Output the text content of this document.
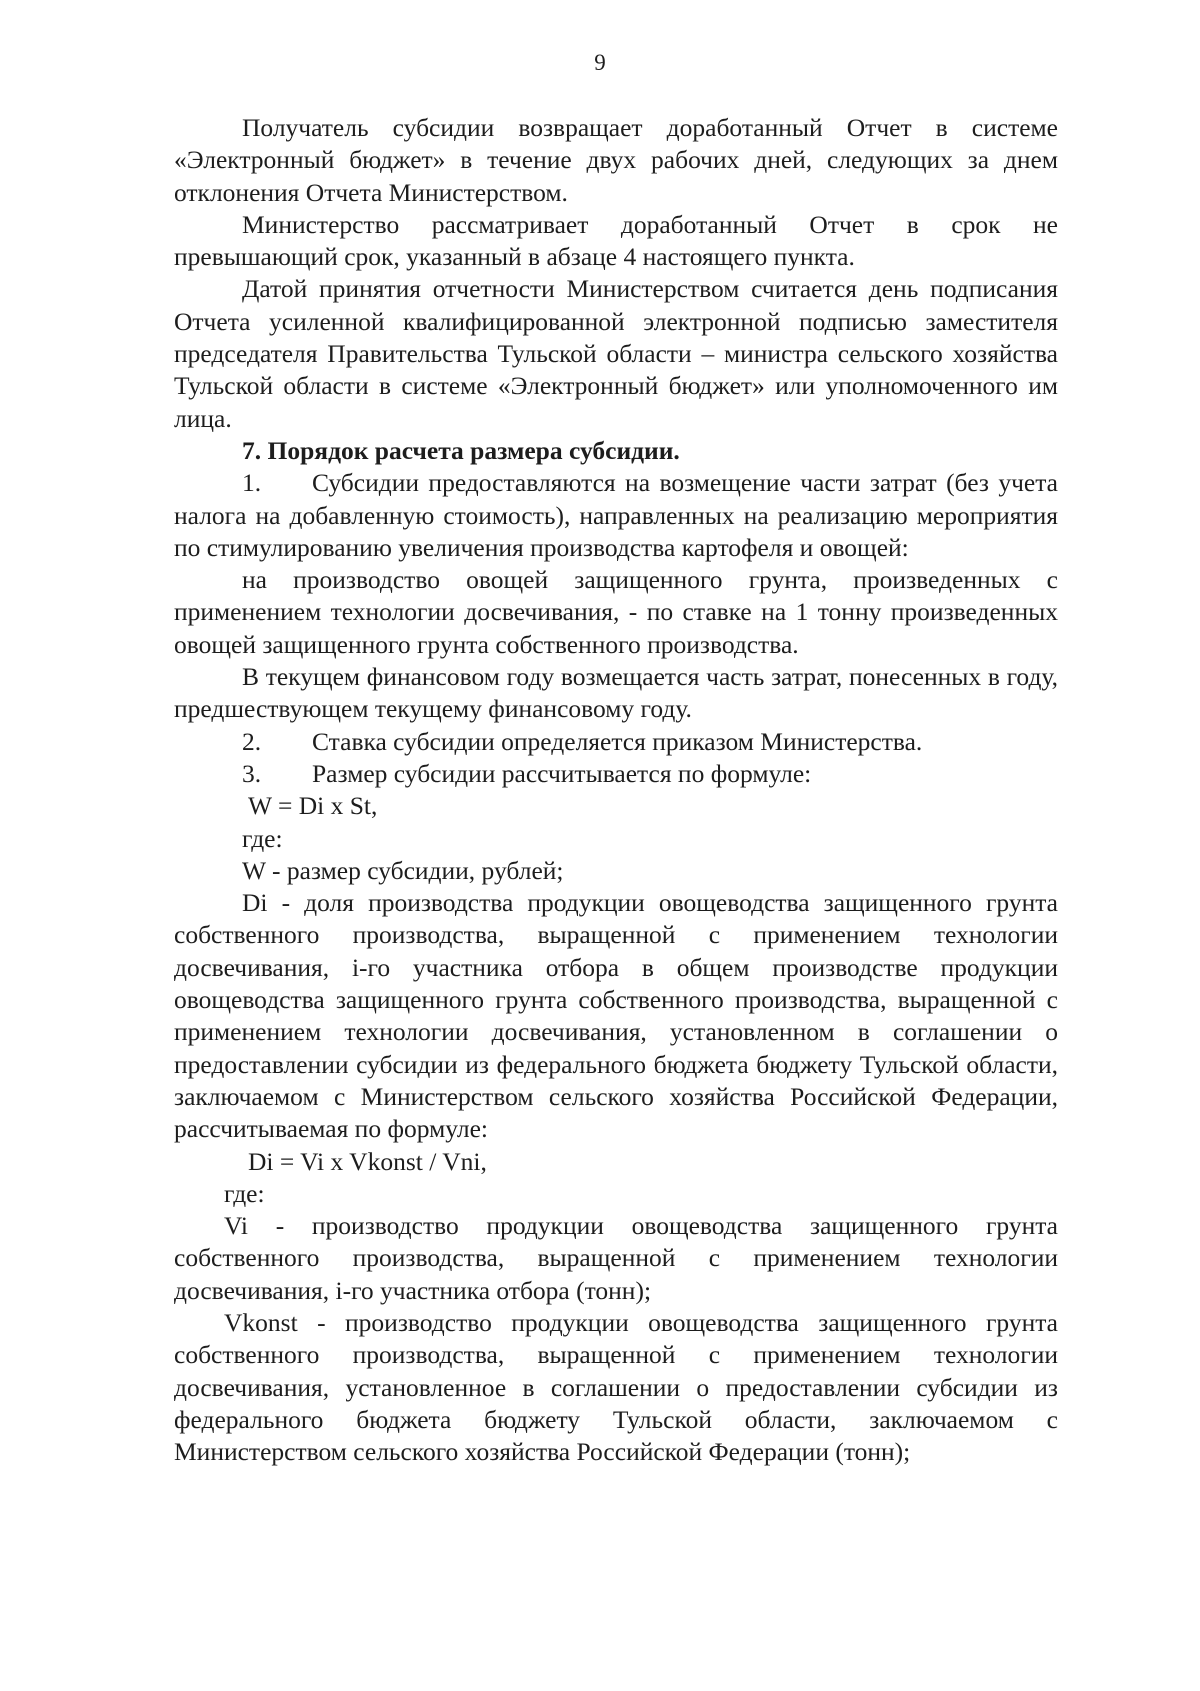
9

Получатель субсидии возвращает доработанный Отчет в системе «Электронный бюджет» в течение двух рабочих дней, следующих за днем отклонения Отчета Министерством.

Министерство рассматривает доработанный Отчет в срок не превышающий срок, указанный в абзаце 4 настоящего пункта.

Датой принятия отчетности Министерством считается день подписания Отчета усиленной квалифицированной электронной подписью заместителя председателя Правительства Тульской области – министра сельского хозяйства Тульской области в системе «Электронный бюджет» или уполномоченного им лица.

7. Порядок расчета размера субсидии.

1. Субсидии предоставляются на возмещение части затрат (без учета налога на добавленную стоимость), направленных на реализацию мероприятия по стимулированию увеличения производства картофеля и овощей:

на производство овощей защищенного грунта, произведенных с применением технологии досвечивания, - по ставке на 1 тонну произведенных овощей защищенного грунта собственного производства.

В текущем финансовом году возмещается часть затрат, понесенных в году, предшествующем текущему финансовому году.

2. Ставка субсидии определяется приказом Министерства.

3. Размер субсидии рассчитывается по формуле:

W = Di x St,

где:

W - размер субсидии, рублей;

Di - доля производства продукции овощеводства защищенного грунта собственного производства, выращенной с применением технологии досвечивания, i-го участника отбора в общем производстве продукции овощеводства защищенного грунта собственного производства, выращенной с применением технологии досвечивания, установленном в соглашении о предоставлении субсидии из федерального бюджета бюджету Тульской области, заключаемом с Министерством сельского хозяйства Российской Федерации, рассчитываемая по формуле:

Di = Vi x Vkonst / Vni,

где:

Vi - производство продукции овощеводства защищенного грунта собственного производства, выращенной с применением технологии досвечивания, i-го участника отбора (тонн);

Vkonst - производство продукции овощеводства защищенного грунта собственного производства, выращенной с применением технологии досвечивания, установленное в соглашении о предоставлении субсидии из федерального бюджета бюджету Тульской области, заключаемом с Министерством сельского хозяйства Российской Федерации (тонн);
